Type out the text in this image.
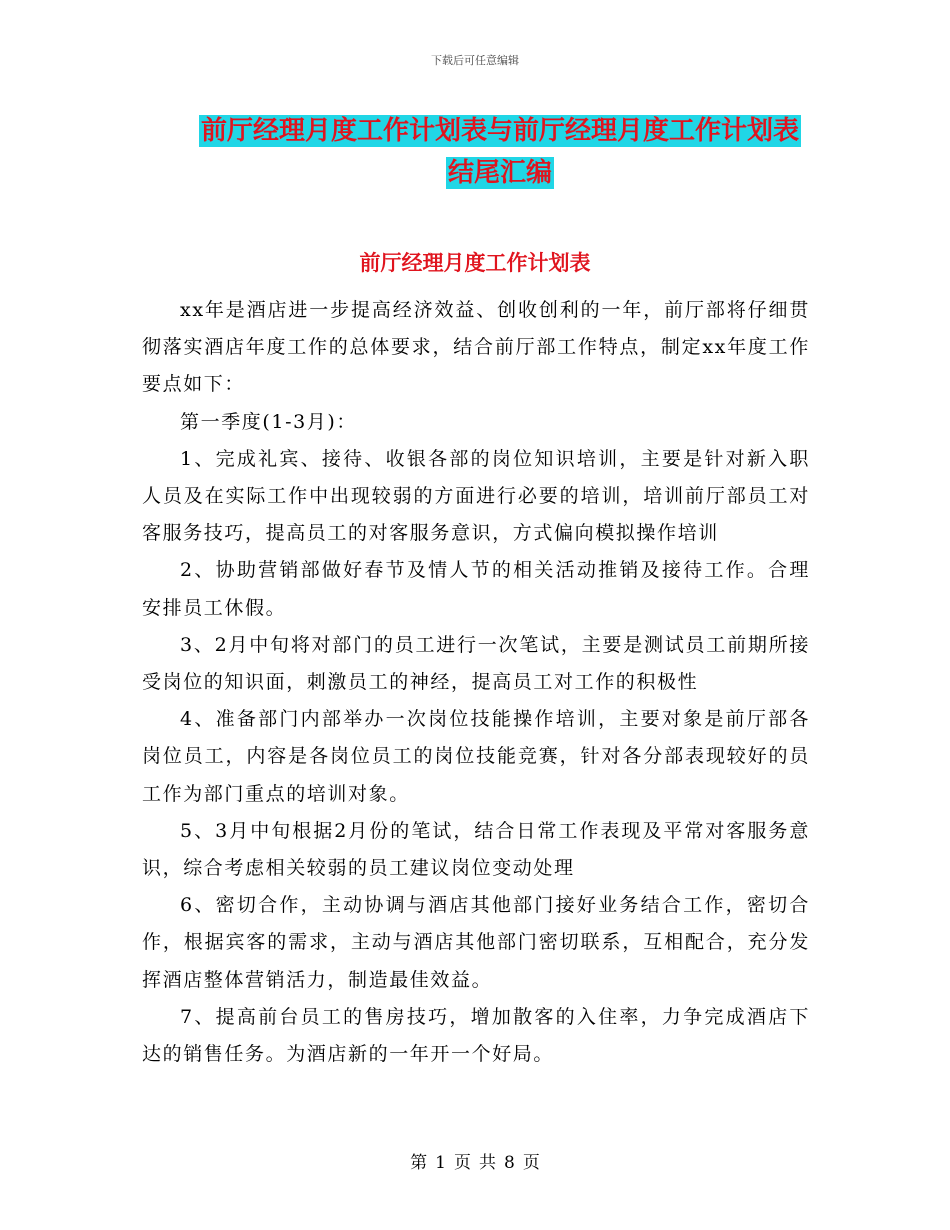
下载后可任意编辑
前厅经理月度工作计划表与前厅经理月度工作计划表
结尾汇编
前厅经理月度工作计划表

xx年是酒店进一步提高经济效益、创收创利的一年，前厅部将仔细贯彻落实酒店年度工作的总体要求，结合前厅部工作特点，制定xx年度工作要点如下：

第一季度(1-3月)：

1、完成礼宾、接待、收银各部的岗位知识培训，主要是针对新入职人员及在实际工作中出现较弱的方面进行必要的培训，培训前厅部员工对客服务技巧，提高员工的对客服务意识，方式偏向模拟操作培训

2、协助营销部做好春节及情人节的相关活动推销及接待工作。合理安排员工休假。

3、2月中旬将对部门的员工进行一次笔试，主要是测试员工前期所接受岗位的知识面，刺激员工的神经，提高员工对工作的积极性

4、准备部门内部举办一次岗位技能操作培训，主要对象是前厅部各岗位员工，内容是各岗位员工的岗位技能竞赛，针对各分部表现较好的员工作为部门重点的培训对象。

5、3月中旬根据2月份的笔试，结合日常工作表现及平常对客服务意识，综合考虑相关较弱的员工建议岗位变动处理

6、密切合作，主动协调与酒店其他部门接好业务结合工作，密切合作，根据宾客的需求，主动与酒店其他部门密切联系，互相配合，充分发挥酒店整体营销活力，制造最佳效益。

7、提高前台员工的售房技巧，增加散客的入住率，力争完成酒店下达的销售任务。为酒店新的一年开一个好局。

第 1 页 共 8 页
